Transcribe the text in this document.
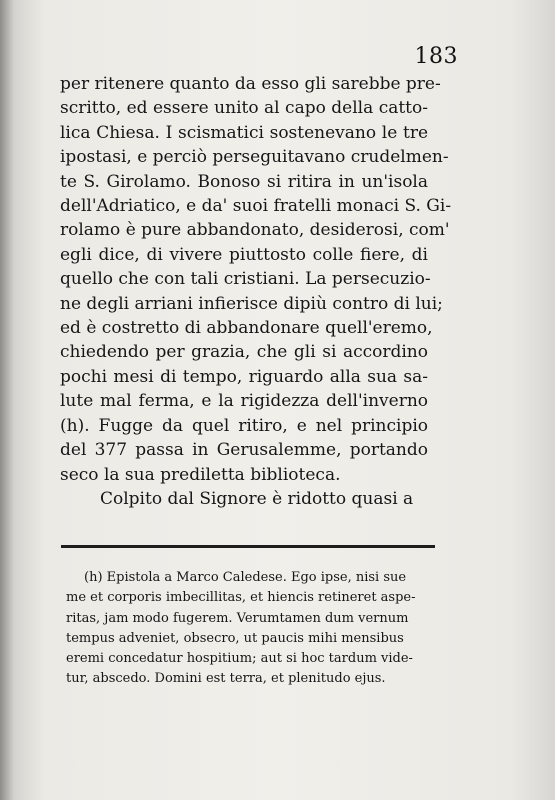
183
per ritenere quanto da esso gli sarebbe pre-
scritto, ed essere unito al capo della catto-
lica Chiesa. I scismatici sostenevano le tre
ipostasi, e perciò perseguitavano crudelmen-
te S. Girolamo. Bonoso si ritira in un'isola
dell'Adriatico, e da' suoi fratelli monaci S. Gi-
rolamo è pure abbandonato, desiderosi, com'
egli dice, di vivere piuttosto colle fiere, di
quello che con tali cristiani. La persecuzio-
ne degli arriani infierisce dipiù contro di lui;
ed è costretto di abbandonare quell'eremo,
chiedendo per grazia, che gli si accordino
pochi mesi di tempo, riguardo alla sua sa-
lute mal ferma, e la rigidezza dell'inverno
(h). Fugge da quel ritiro, e nel principio
del 377 passa in Gerusalemme, portando
seco la sua prediletta biblioteca.
Colpito dal Signore è ridotto quasi a
(h) Epistola a Marco Caledese. Ego ipse, nisi sue
me et corporis imbecillitas, et hiencis retineret aspe-
ritas, jam modo fugerem. Verumtamen dum vernum
tempus adveniet, obsecro, ut paucis mihi mensibus
eremi concedatur hospitium; aut si hoc tardum vide-
tur, abscedo. Domini est terra, et plenitudo ejus.
